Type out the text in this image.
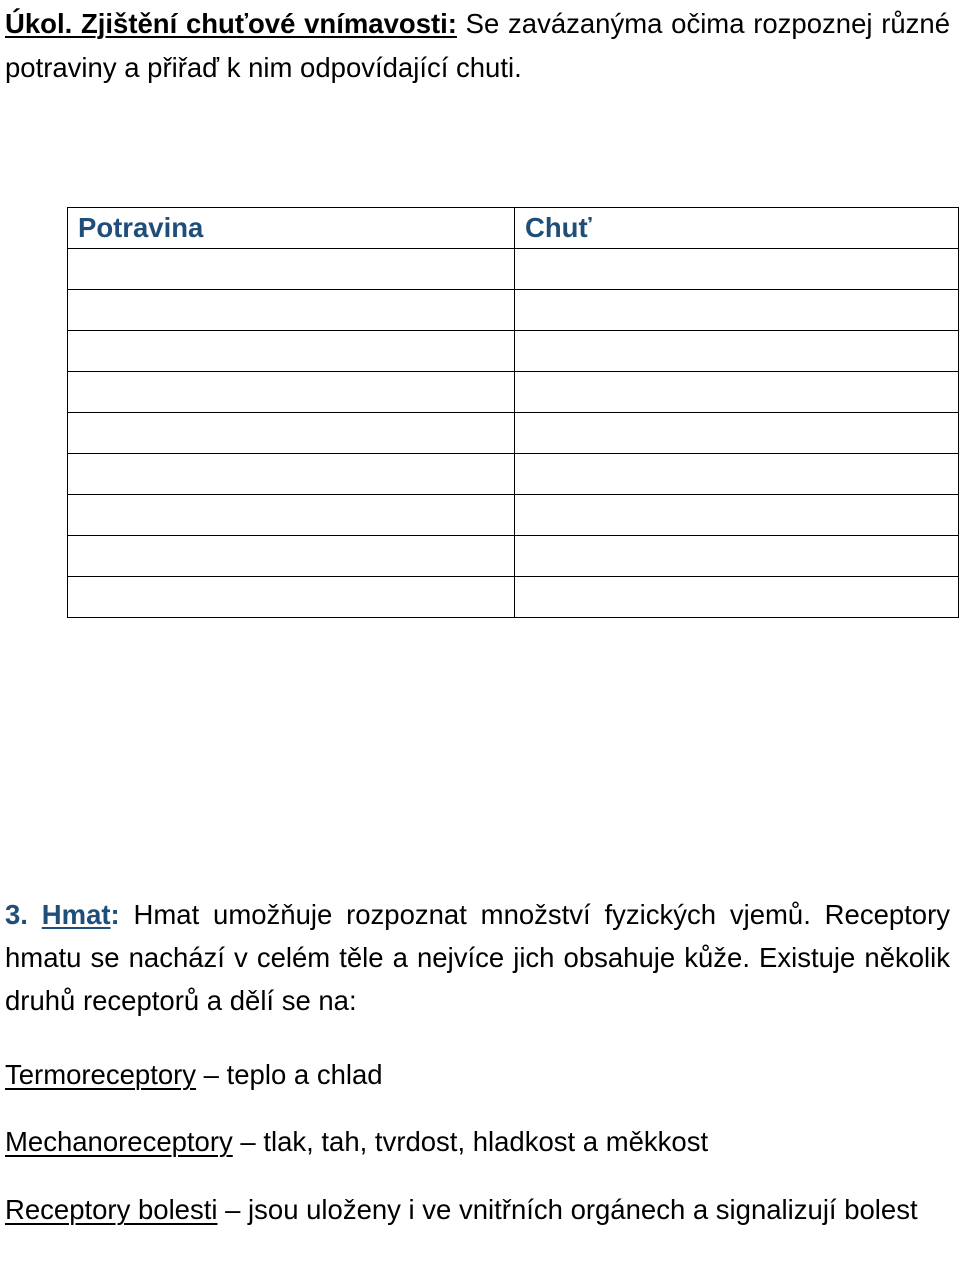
Úkol. Zjištění chuťové vnímavosti: Se zavázanýma očima rozpoznej různé potraviny a přiřaď k nim odpovídající chuti.
Potravina	Chuť

3. Hmat: Hmat umožňuje rozpoznat množství fyzických vjemů. Receptory hmatu se nachází v celém těle a nejvíce jich obsahuje kůže. Existuje několik druhů receptorů a dělí se na:
Termoreceptory – teplo a chlad
Mechanoreceptory – tlak, tah, tvrdost, hladkost a měkkost
Receptory bolesti – jsou uloženy i ve vnitřních orgánech a signalizují bolest
